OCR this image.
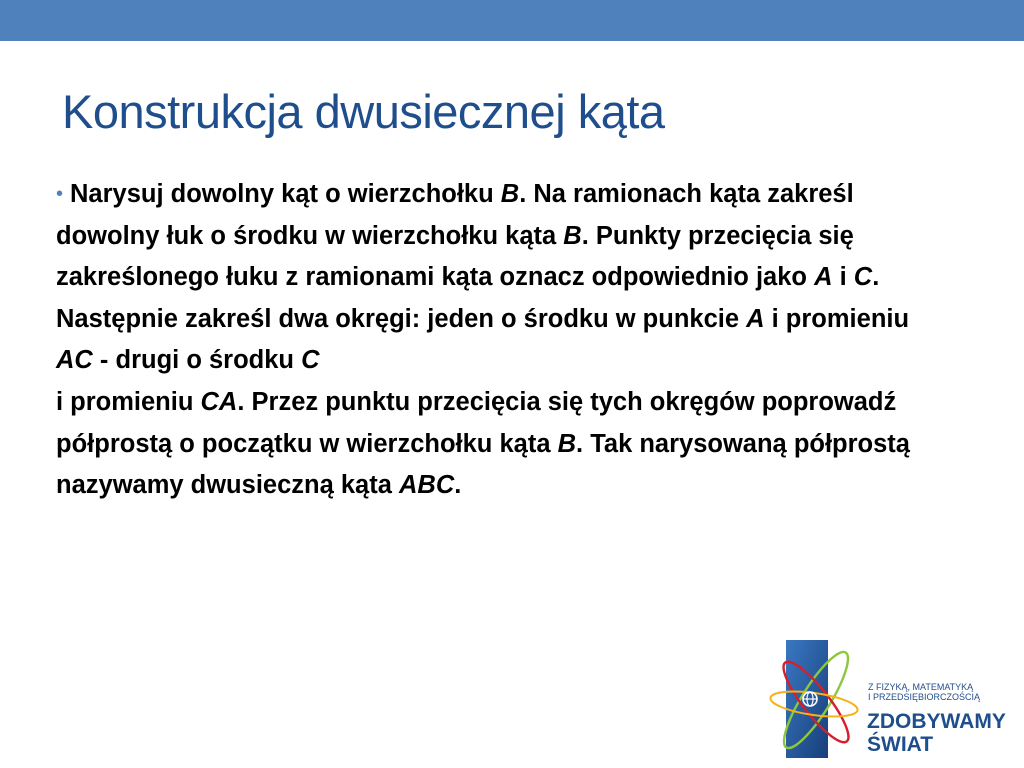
Konstrukcja dwusiecznej kąta

• Narysuj dowolny kąt o wierzchołku B. Na ramionach kąta zakreśl dowolny łuk o środku w wierzchołku kąta B. Punkty przecięcia się zakreślonego łuku z ramionami kąta oznacz odpowiednio jako A i C. Następnie zakreśl dwa okręgi: jeden o środku w punkcie A i promieniu AC - drugi o środku C
i promieniu CA. Przez punktu przecięcia się tych okręgów poprowadź półprostą o początku w wierzchołku kąta B. Tak narysowaną półprostą nazywamy dwusieczną kąta ABC.

Z FIZYKĄ, MATEMATYKĄ
I PRZEDSIĘBIORCZOŚCIĄ
ZDOBYWAMY
ŚWIAT
